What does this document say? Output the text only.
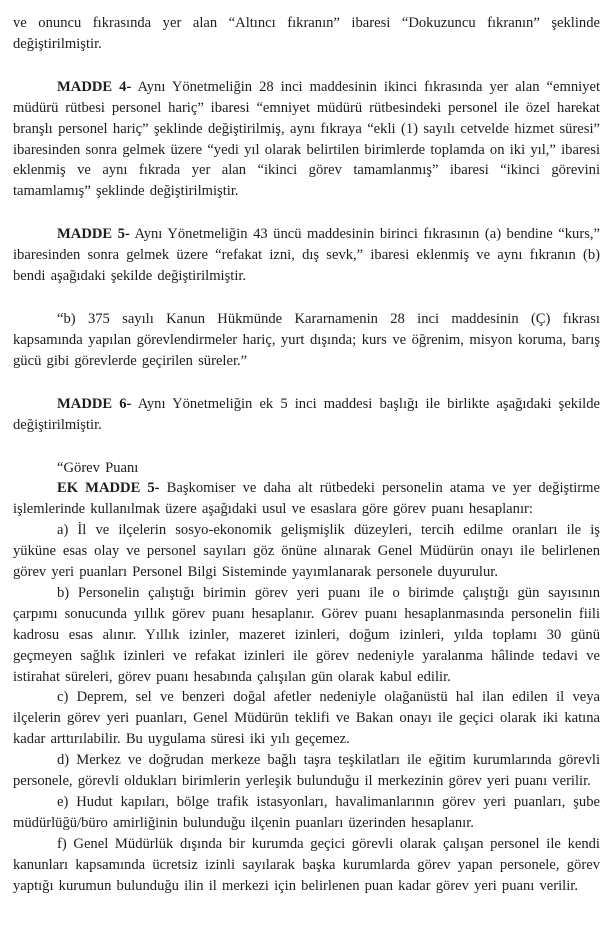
ve onuncu fıkrasında yer alan “Altıncı fıkranın” ibaresi “Dokuzuncu fıkranın” şeklinde değiştirilmiştir.

MADDE 4- Aynı Yönetmeliğin 28 inci maddesinin ikinci fıkrasında yer alan “emniyet müdürü rütbesi personel hariç” ibaresi “emniyet müdürü rütbesindeki personel ile özel harekat branşlı personel hariç” şeklinde değiştirilmiş, aynı fıkraya “ekli (1) sayılı cetvelde hizmet süresi” ibaresinden sonra gelmek üzere “yedi yıl olarak belirtilen birimlerde toplamda on iki yıl,” ibaresi eklenmiş ve aynı fıkrada yer alan “ikinci görev tamamlanmış” ibaresi “ikinci görevini tamamlamış” şeklinde değiştirilmiştir.

MADDE 5- Aynı Yönetmeliğin 43 üncü maddesinin birinci fıkrasının (a) bendine “kurs,” ibaresinden sonra gelmek üzere “refakat izni, dış sevk,” ibaresi eklenmiş ve aynı fıkranın (b) bendi aşağıdaki şekilde değiştirilmiştir.

“b) 375 sayılı Kanun Hükmünde Kararnamenin 28 inci maddesinin (Ç) fıkrası kapsamında yapılan görevlendirmeler hariç, yurt dışında; kurs ve öğrenim, misyon koruma, barış gücü gibi görevlerde geçirilen süreler.”

MADDE 6- Aynı Yönetmeliğin ek 5 inci maddesi başlığı ile birlikte aşağıdaki şekilde değiştirilmiştir.

“Görev Puanı

EK MADDE 5- Başkomiser ve daha alt rütbedeki personelin atama ve yer değiştirme işlemlerinde kullanılmak üzere aşağıdaki usul ve esaslara göre görev puanı hesaplanır:

a) İl ve ilçelerin sosyo-ekonomik gelişmişlik düzeyleri, tercih edilme oranları ile iş yüküne esas olay ve personel sayıları göz önüne alınarak Genel Müdürün onayı ile belirlenen görev yeri puanları Personel Bilgi Sisteminde yayımlanarak personele duyurulur.

b) Personelin çalıştığı birimin görev yeri puanı ile o birimde çalıştığı gün sayısının çarpımı sonucunda yıllık görev puanı hesaplanır. Görev puanı hesaplanmasında personelin fiili kadrosu esas alınır. Yıllık izinler, mazeret izinleri, doğum izinleri, yılda toplamı 30 günü geçmeyen sağlık izinleri ve refakat izinleri ile görev nedeniyle yaralanma hâlinde tedavi ve istirahat süreleri, görev puanı hesabında çalışılan gün olarak kabul edilir.

c) Deprem, sel ve benzeri doğal afetler nedeniyle olağanüstü hal ilan edilen il veya ilçelerin görev yeri puanları, Genel Müdürün teklifi ve Bakan onayı ile geçici olarak iki katına kadar arttırılabilir. Bu uygulama süresi iki yılı geçemez.

d) Merkez ve doğrudan merkeze bağlı taşra teşkilatları ile eğitim kurumlarında görevli personele, görevli oldukları birimlerin yerleşik bulunduğu il merkezinin görev yeri puanı verilir.

e) Hudut kapıları, bölge trafik istasyonları, havalimanlarının görev yeri puanları, şube müdürlüğü/büro amirliğinin bulunduğu ilçenin puanları üzerinden hesaplanır.

f) Genel Müdürlük dışında bir kurumda geçici görevli olarak çalışan personel ile kendi kanunları kapsamında ücretsiz izinli sayılarak başka kurumlarda görev yapan personele, görev yaptığı kurumun bulunduğu ilin il merkezi için belirlenen puan kadar görev yeri puanı verilir.
